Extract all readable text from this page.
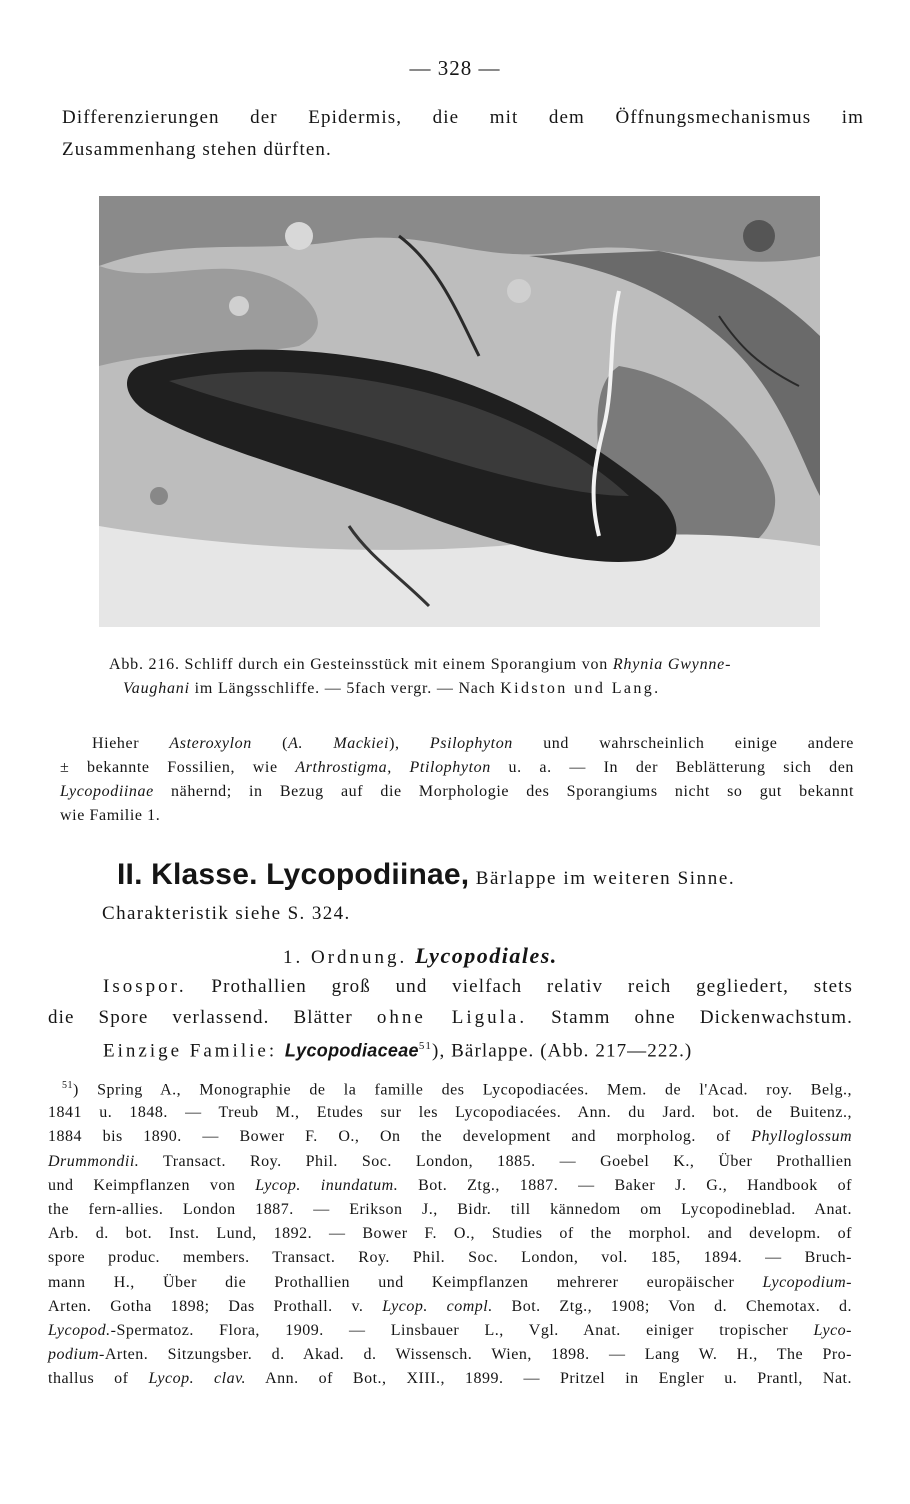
— 328 —
Differenzierungen der Epidermis, die mit dem Öffnungsmechanismus im
Zusammenhang stehen dürften.
Abb. 216. Schliff durch ein Gesteinsstück mit einem Sporangium von Rhynia Gwynne-
Vaughani im Längsschliffe. — 5fach vergr. — Nach Kidston und Lang.
Hieher Asteroxylon (A. Mackiei), Psilophyton und wahrscheinlich einige andere
± bekannte Fossilien, wie Arthrostigma, Ptilophyton u. a. — In der Beblätterung sich den
Lycopodiinae nähernd; in Bezug auf die Morphologie des Sporangiums nicht so gut bekannt
wie Familie 1.
II. Klasse. Lycopodiinae, Bärlappe im weiteren Sinne.
Charakteristik siehe S. 324.
1. Ordnung. Lycopodiales.
Isospor. Prothallien groß und vielfach relativ reich gegliedert, stets
die Spore verlassend. Blätter ohne Ligula. Stamm ohne Dickenwachstum.
Einzige Familie: Lycopodiaceae$^{51}$), Bärlappe. (Abb. 217—222.)
$^{51}$) Spring A., Monographie de la famille des Lycopodiacées. Mem. de l'Acad. roy. Belg.,
1841 u. 1848. — Treub M., Etudes sur les Lycopodiacées. Ann. du Jard. bot. de Buitenz.,
1884 bis 1890. — Bower F. O., On the development and morpholog. of Phylloglossum
Drummondii. Transact. Roy. Phil. Soc. London, 1885. — Goebel K., Über Prothallien
und Keimpflanzen von Lycop. inundatum. Bot. Ztg., 1887. — Baker J. G., Handbook of
the fern-allies. London 1887. — Erikson J., Bidr. till kännedom om Lycopodineblad. Anat.
Arb. d. bot. Inst. Lund, 1892. — Bower F. O., Studies of the morphol. and developm. of
spore produc. members. Transact. Roy. Phil. Soc. London, vol. 185, 1894. — Bruch-
mann H., Über die Prothallien und Keimpflanzen mehrerer europäischer Lycopodium-
Arten. Gotha 1898; Das Prothall. v. Lycop. compl. Bot. Ztg., 1908; Von d. Chemotax. d.
Lycopod.-Spermatoz. Flora, 1909. — Linsbauer L., Vgl. Anat. einiger tropischer Lyco-
podium-Arten. Sitzungsber. d. Akad. d. Wissensch. Wien, 1898. — Lang W. H., The Pro-
thallus of Lycop. clav. Ann. of Bot., XIII., 1899. — Pritzel in Engler u. Prantl, Nat.
